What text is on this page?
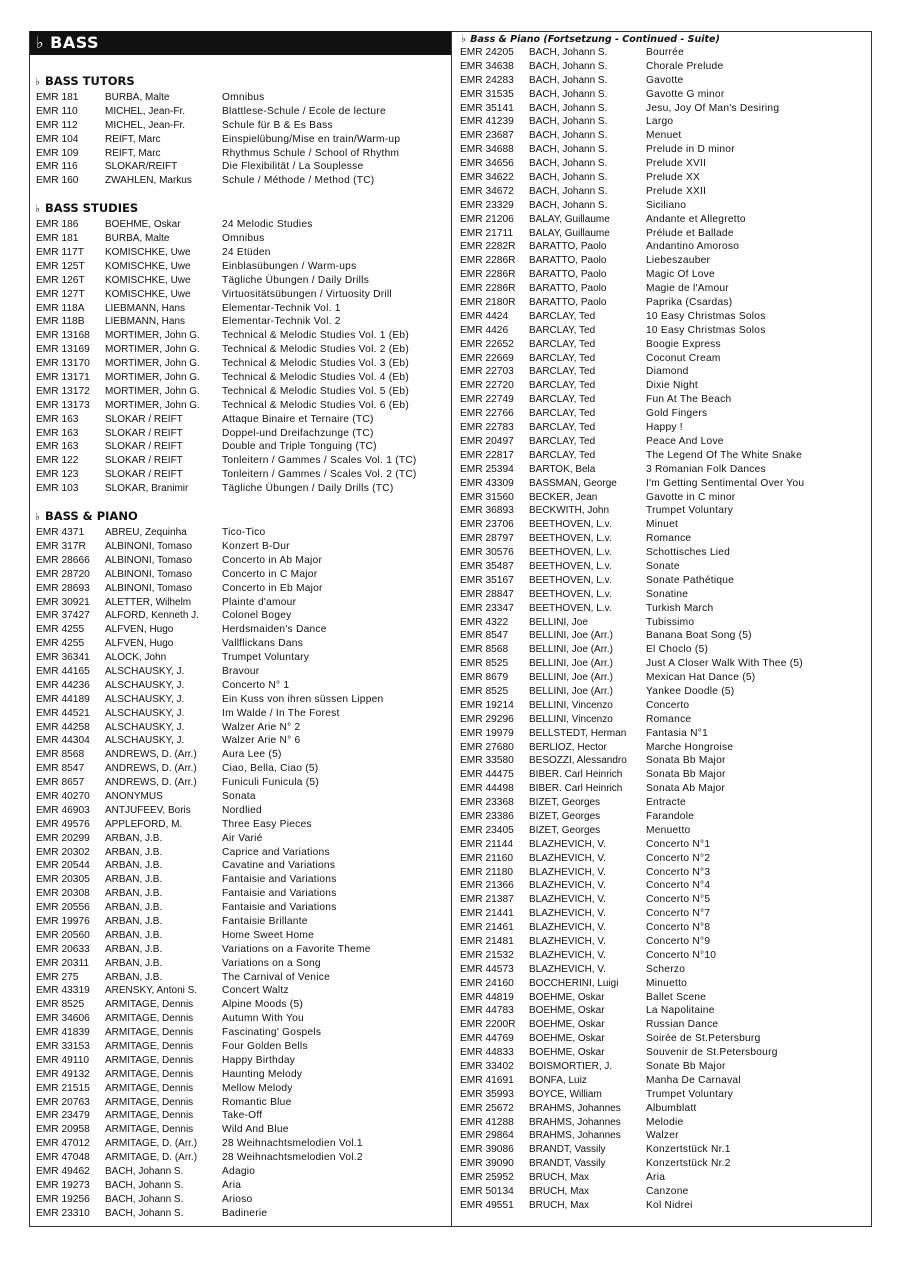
♭ BASS
♭ BASS TUTORS
EMR 181	BURBA, Malte	Omnibus
EMR 110	MICHEL, Jean-Fr.	Blattlese-Schule / Ecole de lecture
EMR 112	MICHEL, Jean-Fr.	Schule für B & Es Bass
EMR 104	REIFT, Marc	Einspielübung/Mise en train/Warm-up
EMR 109	REIFT, Marc	Rhythmus Schule / School of Rhythm
EMR 116	SLOKAR/REIFT	Die Flexibilität / La Souplesse
EMR 160	ZWAHLEN, Markus	Schule / Méthode / Method (TC)
♭ BASS STUDIES
EMR 186	BOEHME, Oskar	24 Melodic Studies
EMR 181	BURBA, Malte	Omnibus
EMR 117T KOMISCHKE, Uwe	24 Etüden
EMR 125T KOMISCHKE, Uwe	Einblasübungen / Warm-ups
EMR 126T KOMISCHKE, Uwe	Tägliche Übungen / Daily Drills
EMR 127T KOMISCHKE, Uwe	Virtuositätsübungen / Virtuosity Drill
EMR 118A LIEBMANN, Hans	Elementar-Technik Vol. 1
EMR 118B LIEBMANN, Hans	Elementar-Technik Vol. 2
EMR 13168 MORTIMER, John G. Technical & Melodic Studies Vol. 1 (Eb)
EMR 13169 MORTIMER, John G. Technical & Melodic Studies Vol. 2 (Eb)
EMR 13170 MORTIMER, John G. Technical & Melodic Studies Vol. 3 (Eb)
EMR 13171 MORTIMER, John G. Technical & Melodic Studies Vol. 4 (Eb)
EMR 13172 MORTIMER, John G. Technical & Melodic Studies Vol. 5 (Eb)
EMR 13173 MORTIMER, John G. Technical & Melodic Studies Vol. 6 (Eb)
EMR 163	SLOKAR / REIFT	Attaque Binaire et Ternaire (TC)
EMR 163	SLOKAR / REIFT	Doppel-und Dreifachzunge (TC)
EMR 163	SLOKAR / REIFT	Double and Triple Tonguing (TC)
EMR 122	SLOKAR / REIFT	Tonleitern / Gammes / Scales Vol. 1 (TC)
EMR 123	SLOKAR / REIFT	Tonleitern / Gammes / Scales Vol. 2 (TC)
EMR 103	SLOKAR, Branimir	Tägliche Übungen / Daily Drills (TC)
♭ BASS & PIANO
EMR 4371 ABREU, Zequinha	Tico-Tico
EMR 317R ALBINONI, Tomaso	Konzert B-Dur
EMR 28666 ALBINONI, Tomaso	Concerto in Ab Major
EMR 28720 ALBINONI, Tomaso	Concerto in C Major
EMR 28693 ALBINONI, Tomaso	Concerto in Eb Major
EMR 30921 ALETTER, Wilhelm	Plainte d'amour
EMR 37427 ALFORD, Kenneth J. Colonel Bogey
EMR 4255 ALFVEN, Hugo	Herdsmaiden's Dance
EMR 4255 ALFVEN, Hugo	Vallflickans Dans
EMR 36341 ALOCK, John	Trumpet Voluntary
EMR 44165 ALSCHAUSKY, J.	Bravour
EMR 44236 ALSCHAUSKY, J.	Concerto N° 1
EMR 44189 ALSCHAUSKY, J.	Ein Kuss von ihren süssen Lippen
EMR 44521 ALSCHAUSKY, J.	Im Walde / In The Forest
EMR 44258 ALSCHAUSKY, J.	Walzer Arie N° 2
EMR 44304 ALSCHAUSKY, J.	Walzer Arie N° 6
EMR 8568 ANDREWS, D. (Arr.) Aura Lee (5)
EMR 8547 ANDREWS, D. (Arr.) Ciao, Bella, Ciao (5)
EMR 8657 ANDREWS, D. (Arr.) Funiculi Funicula (5)
EMR 40270 ANONYMUS	Sonata
EMR 46903 ANTJUFEEV, Boris	Nordlied
EMR 49576 APPLEFORD, M.	Three Easy Pieces
EMR 20299 ARBAN, J.B.	Air Varié
EMR 20302 ARBAN, J.B.	Caprice and Variations
EMR 20544 ARBAN, J.B.	Cavatine and Variations
EMR 20305 ARBAN, J.B.	Fantaisie and Variations
EMR 20308 ARBAN, J.B.	Fantaisie and Variations
EMR 20556 ARBAN, J.B.	Fantaisie and Variations
EMR 19976 ARBAN, J.B.	Fantaisie Brillante
EMR 20560 ARBAN, J.B.	Home Sweet Home
EMR 20633 ARBAN, J.B.	Variations on a Favorite Theme
EMR 20311 ARBAN, J.B.	Variations on a Song
EMR 275	ARBAN, J.B.	The Carnival of Venice
EMR 43319 ARENSKY, Antoni S. Concert Waltz
EMR 8525 ARMITAGE, Dennis	Alpine Moods (5)
EMR 34606 ARMITAGE, Dennis	Autumn With You
EMR 41839 ARMITAGE, Dennis	Fascinating' Gospels
EMR 33153 ARMITAGE, Dennis	Four Golden Bells
EMR 49110 ARMITAGE, Dennis	Happy Birthday
EMR 49132 ARMITAGE, Dennis	Haunting Melody
EMR 21515 ARMITAGE, Dennis	Mellow Melody
EMR 20763 ARMITAGE, Dennis	Romantic Blue
EMR 23479 ARMITAGE, Dennis	Take-Off
EMR 20958 ARMITAGE, Dennis	Wild And Blue
EMR 47012 ARMITAGE, D. (Arr.) 28 Weihnachtsmelodien Vol.1
EMR 47048 ARMITAGE, D. (Arr.) 28 Weihnachtsmelodien Vol.2
EMR 49462 BACH, Johann S.	Adagio
EMR 19273 BACH, Johann S.	Aria
EMR 19256 BACH, Johann S.	Arioso
EMR 23310 BACH, Johann S.	Badinerie
♭ Bass & Piano (Fortsetzung - Continued - Suite)
EMR 24205 BACH, Johann S.	Bourrée
EMR 34638 BACH, Johann S.	Chorale Prelude
EMR 24283 BACH, Johann S.	Gavotte
EMR 31535 BACH, Johann S.	Gavotte G minor
EMR 35141 BACH, Johann S.	Jesu, Joy Of Man's Desiring
EMR 41239 BACH, Johann S.	Largo
EMR 23687 BACH, Johann S.	Menuet
EMR 34688 BACH, Johann S.	Prelude in D minor
EMR 34656 BACH, Johann S.	Prelude XVII
EMR 34622 BACH, Johann S.	Prelude XX
EMR 34672 BACH, Johann S.	Prelude XXII
EMR 23329 BACH, Johann S.	Siciliano
EMR 21206 BALAY, Guillaume	Andante et Allegretto
EMR 21711 BALAY, Guillaume	Prélude et Ballade
EMR 2282R BARATTO, Paolo	Andantino Amoroso
EMR 2286R BARATTO, Paolo	Liebeszauber
EMR 2286R BARATTO, Paolo	Magic Of Love
EMR 2286R BARATTO, Paolo	Magie de l'Amour
EMR 2180R BARATTO, Paolo	Paprika (Csardas)
EMR 4424 BARCLAY, Ted	10 Easy Christmas Solos
EMR 4426 BARCLAY, Ted	10 Easy Christmas Solos
EMR 22652 BARCLAY, Ted	Boogie Express
EMR 22669 BARCLAY, Ted	Coconut Cream
EMR 22703 BARCLAY, Ted	Diamond
EMR 22720 BARCLAY, Ted	Dixie Night
EMR 22749 BARCLAY, Ted	Fun At The Beach
EMR 22766 BARCLAY, Ted	Gold Fingers
EMR 22783 BARCLAY, Ted	Happy !
EMR 20497 BARCLAY, Ted	Peace And Love
EMR 22817 BARCLAY, Ted	The Legend Of The White Snake
EMR 25394 BARTOK, Bela	3 Romanian Folk Dances
EMR 43309 BASSMAN, George	I'm Getting Sentimental Over You
EMR 31560 BECKER, Jean	Gavotte in C minor
EMR 36893 BECKWITH, John	Trumpet Voluntary
EMR 23706 BEETHOVEN, L.v.	Minuet
EMR 28797 BEETHOVEN, L.v.	Romance
EMR 30576 BEETHOVEN, L.v.	Schottisches Lied
EMR 35487 BEETHOVEN, L.v.	Sonate
EMR 35167 BEETHOVEN, L.v.	Sonate Pathétique
EMR 28847 BEETHOVEN, L.v.	Sonatine
EMR 23347 BEETHOVEN, L.v.	Turkish March
EMR 4322 BELLINI, Joe	Tubissimo
EMR 8547 BELLINI, Joe (Arr.)	Banana Boat Song (5)
EMR 8568 BELLINI, Joe (Arr.)	El Choclo (5)
EMR 8525 BELLINI, Joe (Arr.)	Just A Closer Walk With Thee (5)
EMR 8679 BELLINI, Joe (Arr.)	Mexican Hat Dance (5)
EMR 8525 BELLINI, Joe (Arr.)	Yankee Doodle (5)
EMR 19214 BELLINI, Vincenzo	Concerto
EMR 29296 BELLINI, Vincenzo	Romance
EMR 19979 BELLSTEDT, Herman Fantasia N°1
EMR 27680 BERLIOZ, Hector	Marche Hongroise
EMR 33580 BESOZZI, Alessandro Sonata Bb Major
EMR 44475 BIBER. Carl Heinrich Sonata Bb Major
EMR 44498 BIBER. Carl Heinrich Sonata Ab Major
EMR 23368 BIZET, Georges	Entracte
EMR 23386 BIZET, Georges	Farandole
EMR 23405 BIZET, Georges	Menuetto
EMR 21144 BLAZHEVICH, V.	Concerto N°1
EMR 21160 BLAZHEVICH, V.	Concerto N°2
EMR 21180 BLAZHEVICH, V.	Concerto N°3
EMR 21366 BLAZHEVICH, V.	Concerto N°4
EMR 21387 BLAZHEVICH, V.	Concerto N°5
EMR 21441 BLAZHEVICH, V.	Concerto N°7
EMR 21461 BLAZHEVICH, V.	Concerto N°8
EMR 21481 BLAZHEVICH, V.	Concerto N°9
EMR 21532 BLAZHEVICH, V.	Concerto N°10
EMR 44573 BLAZHEVICH, V.	Scherzo
EMR 24160 BOCCHERINI, Luigi	Minuetto
EMR 44819 BOEHME, Oskar	Ballet Scene
EMR 44783 BOEHME, Oskar	La Napolitaine
EMR 2200R BOEHME, Oskar	Russian Dance
EMR 44769 BOEHME, Oskar	Soirée de St.Petersburg
EMR 44833 BOEHME, Oskar	Souvenir de St.Petersbourg
EMR 33402 BOISMORTIER, J.	Sonate Bb Major
EMR 41691 BONFA, Luiz	Manha De Carnaval
EMR 35993 BOYCE, William	Trumpet Voluntary
EMR 25672 BRAHMS, Johannes Albumblatt
EMR 41288 BRAHMS, Johannes Melodie
EMR 29864 BRAHMS, Johannes Walzer
EMR 39086 BRANDT, Vassily	Konzertstück Nr.1
EMR 39090 BRANDT, Vassily	Konzertstück Nr.2
EMR 25952 BRUCH, Max	Aria
EMR 50134 BRUCH, Max	Canzone
EMR 49551 BRUCH, Max	Kol Nidrei
